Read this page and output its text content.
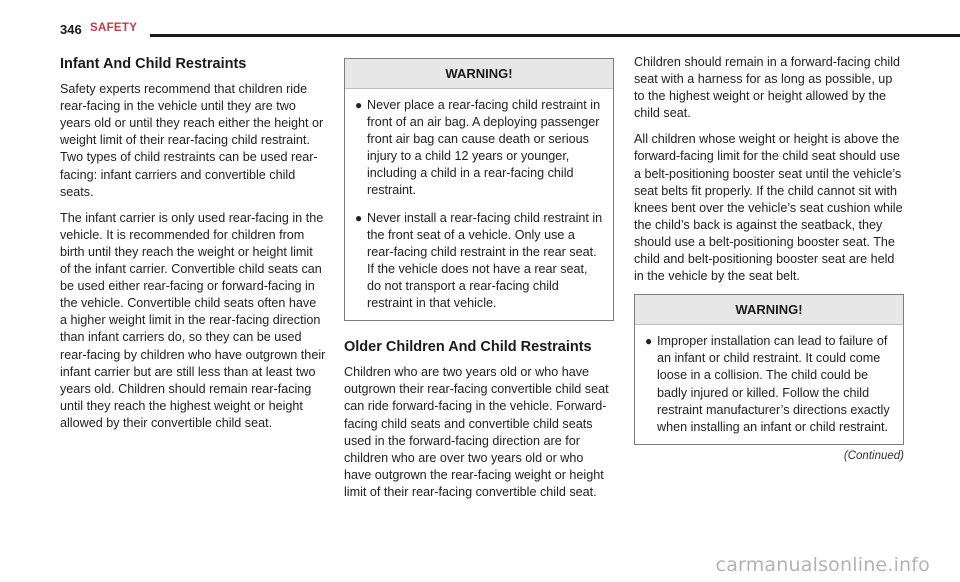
346 SAFETY
Infant And Child Restraints

Safety experts recommend that children ride rear-facing in the vehicle until they are two years old or until they reach either the height or weight limit of their rear-facing child restraint. Two types of child restraints can be used rear-facing: infant carriers and convertible child seats.

The infant carrier is only used rear-facing in the vehicle. It is recommended for children from birth until they reach the weight or height limit of the infant carrier. Convertible child seats can be used either rear-facing or forward-facing in the vehicle. Convertible child seats often have a higher weight limit in the rear-facing direction than infant carriers do, so they can be used rear-facing by children who have outgrown their infant carrier but are still less than at least two years old. Children should remain rear-facing until they reach the highest weight or height allowed by their convertible child seat.

WARNING!
● Never place a rear-facing child restraint in front of an air bag. A deploying passenger front air bag can cause death or serious injury to a child 12 years or younger, including a child in a rear-facing child restraint.
● Never install a rear-facing child restraint in the front seat of a vehicle. Only use a rear-facing child restraint in the rear seat. If the vehicle does not have a rear seat, do not transport a rear-facing child restraint in that vehicle.
Older Children And Child Restraints

Children who are two years old or who have outgrown their rear-facing convertible child seat can ride forward-facing in the vehicle. Forward-facing child seats and convertible child seats used in the forward-facing direction are for children who are over two years old or who have outgrown the rear-facing weight or height limit of their rear-facing convertible child seat.

Children should remain in a forward-facing child seat with a harness for as long as possible, up to the highest weight or height allowed by the child seat.

All children whose weight or height is above the forward-facing limit for the child seat should use a belt-positioning booster seat until the vehicle’s seat belts fit properly. If the child cannot sit with knees bent over the vehicle’s seat cushion while the child’s back is against the seatback, they should use a belt-positioning booster seat. The child and belt-positioning booster seat are held in the vehicle by the seat belt.

WARNING!
● Improper installation can lead to failure of an infant or child restraint. It could come loose in a collision. The child could be badly injured or killed. Follow the child restraint manufacturer’s directions exactly when installing an infant or child restraint.
(Continued)
carmanualsonline.info
